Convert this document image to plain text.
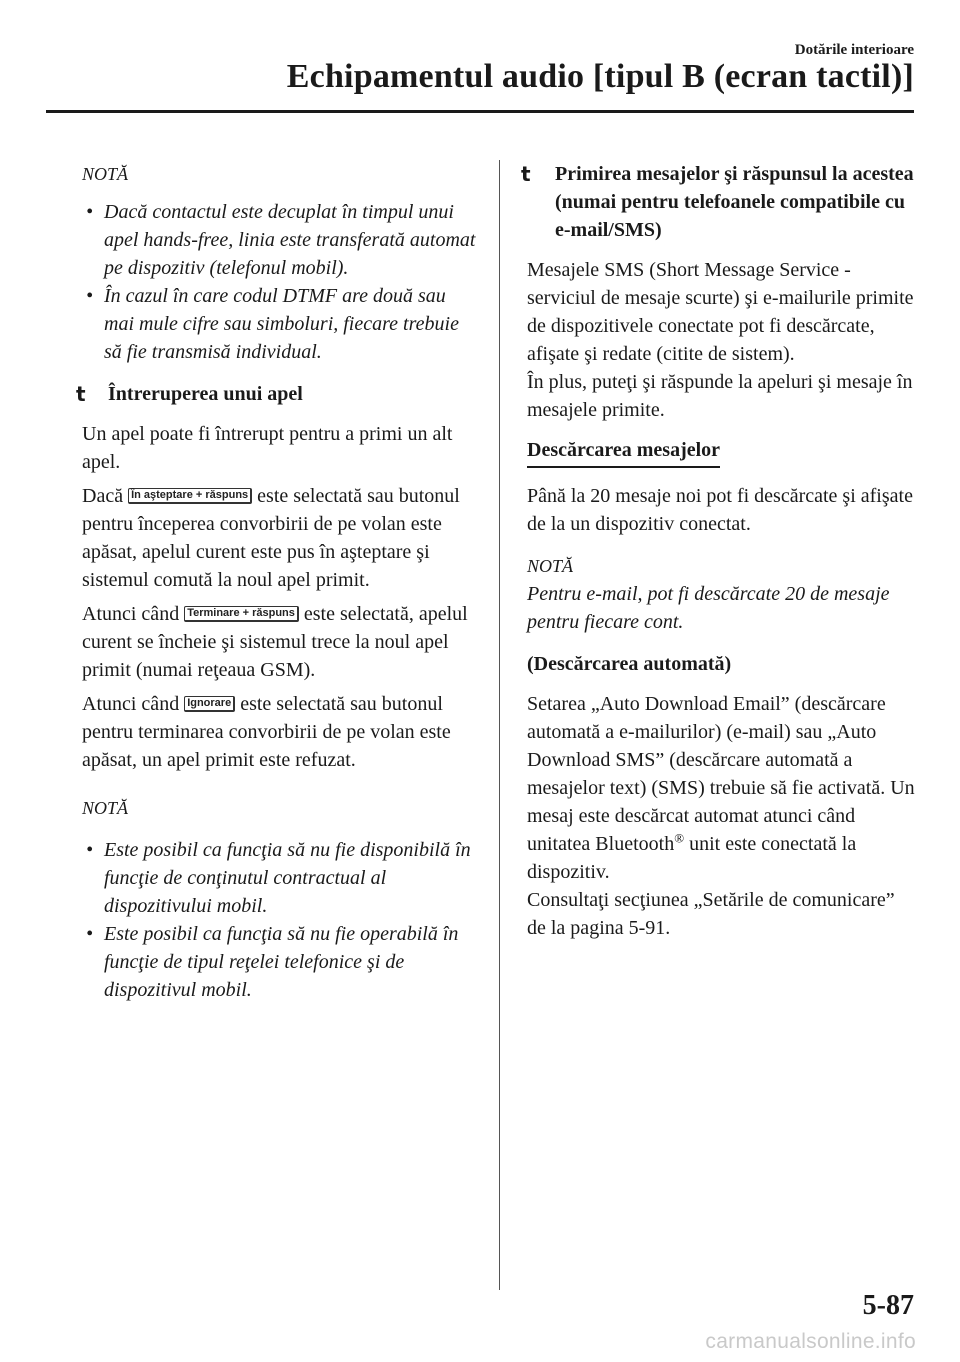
Dotările interioare
Echipamentul audio [tipul B (ecran tactil)]
NOTĂ
• Dacă contactul este decuplat în timpul unui apel hands-free, linia este transferată automat pe dispozitiv (telefonul mobil).
• În cazul în care codul DTMF are două sau mai mule cifre sau simboluri, fiecare trebuie să fie transmisă individual.
t Întreruperea unui apel

Un apel poate fi întrerupt pentru a primi un alt apel.

Dacă În aşteptare + răspuns este selectată sau butonul pentru începerea convorbirii de pe volan este apăsat, apelul curent este pus în aşteptare şi sistemul comută la noul apel primit.

Atunci când Terminare + răspuns este selectată, apelul curent se încheie şi sistemul trece la noul apel primit (numai reţeaua GSM).

Atunci când Ignorare este selectată sau butonul pentru terminarea convorbirii de pe volan este apăsat, un apel primit este refuzat.

NOTĂ
• Este posibil ca funcţia să nu fie disponibilă în funcţie de conţinutul contractual al dispozitivului mobil.
• Este posibil ca funcţia să nu fie operabilă în funcţie de tipul reţelei telefonice şi de dispozitivul mobil.
t Primirea mesajelor şi răspunsul la acestea (numai pentru telefoanele compatibile cu e-mail/SMS)

Mesajele SMS (Short Message Service - serviciul de mesaje scurte) şi e-mailurile primite de dispozitivele conectate pot fi descărcate, afişate şi redate (citite de sistem).

În plus, puteţi şi răspunde la apeluri şi mesaje în mesajele primite.

Descărcarea mesajelor

Până la 20 mesaje noi pot fi descărcate şi afişate de la un dispozitiv conectat.

NOTĂ

Pentru e-mail, pot fi descărcate 20 de mesaje pentru fiecare cont.

(Descărcarea automată)

Setarea „Auto Download Email” (descărcare automată a e-mailurilor) (e-mail) sau „Auto Download SMS” (descărcare automată a mesajelor text) (SMS) trebuie să fie activată. Un mesaj este descărcat automat atunci când unitatea Bluetooth® unit este conectată la dispozitiv.

Consultaţi secţiunea „Setările de comunicare” de la pagina 5-91.

5-87
carmanualsonline.info
